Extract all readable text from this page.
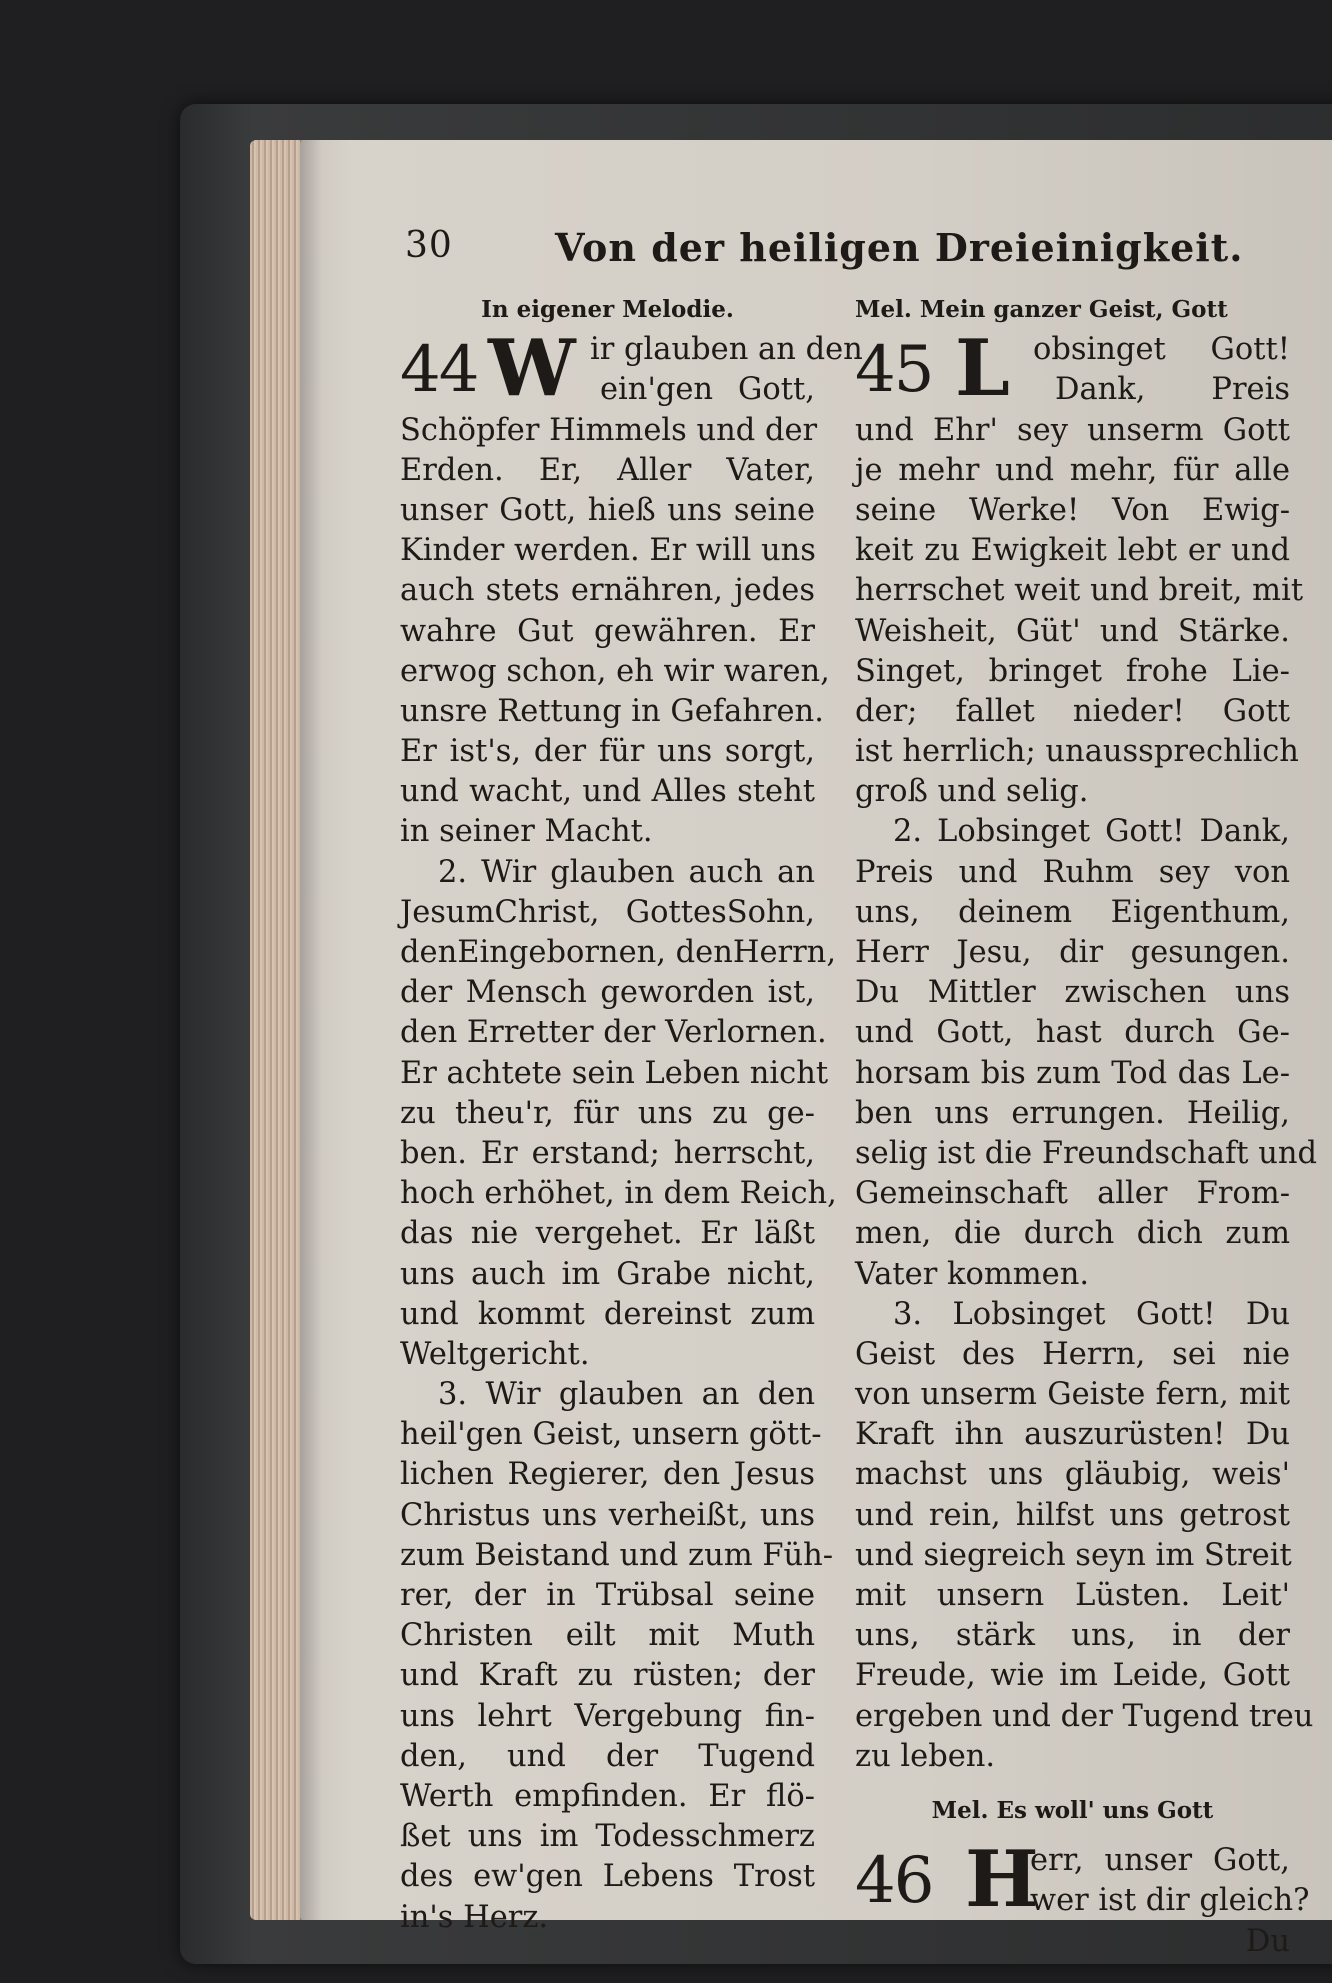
30	Von der heiligen Dreieinigkeit.
In eigener Melodie.
44 W ir glauben an den
ein'gen Gott,
Schöpfer Himmels und der
Erden. Er, Aller Vater,
unser Gott, hieß uns seine
Kinder werden. Er will uns
auch stets ernähren, jedes
wahre Gut gewähren. Er
erwog schon, eh wir waren,
unsre Rettung in Gefahren.
Er ist's, der für uns sorgt,
und wacht, und Alles steht
in seiner Macht.
2. Wir glauben auch an
JesumChrist, GottesSohn,
denEingebornen, denHerrn,
der Mensch geworden ist,
den Erretter der Verlornen.
Er achtete sein Leben nicht
zu theu'r, für uns zu ge-
ben. Er erstand; herrscht,
hoch erhöhet, in dem Reich,
das nie vergehet. Er läßt
uns auch im Grabe nicht,
und kommt dereinst zum
Weltgericht.
3. Wir glauben an den
heil'gen Geist, unsern gött-
lichen Regierer, den Jesus
Christus uns verheißt, uns
zum Beistand und zum Füh-
rer, der in Trübsal seine
Christen eilt mit Muth
und Kraft zu rüsten; der
uns lehrt Vergebung fin-
den, und der Tugend
Werth empfinden. Er flö-
ßet uns im Todesschmerz
des ew'gen Lebens Trost
in's Herz.
Mel. Mein ganzer Geist, Gott
45 L obsinget Gott!
Dank, Preis
und Ehr' sey unserm Gott
je mehr und mehr, für alle
seine Werke! Von Ewig-
keit zu Ewigkeit lebt er und
herrschet weit und breit, mit
Weisheit, Güt' und Stärke.
Singet, bringet frohe Lie-
der; fallet nieder! Gott
ist herrlich; unaussprechlich
groß und selig.
2. Lobsinget Gott! Dank,
Preis und Ruhm sey von
uns, deinem Eigenthum,
Herr Jesu, dir gesungen.
Du Mittler zwischen uns
und Gott, hast durch Ge-
horsam bis zum Tod das Le-
ben uns errungen. Heilig,
selig ist die Freundschaft und
Gemeinschaft aller From-
men, die durch dich zum
Vater kommen.
3. Lobsinget Gott! Du
Geist des Herrn, sei nie
von unserm Geiste fern, mit
Kraft ihn auszurüsten! Du
machst uns gläubig, weis'
und rein, hilfst uns getrost
und siegreich seyn im Streit
mit unsern Lüsten. Leit'
uns, stärk uns, in der
Freude, wie im Leide, Gott
ergeben und der Tugend treu
zu leben.
Mel. Es woll' uns Gott
46 H
err, unser Gott,
wer ist dir gleich?
Du
